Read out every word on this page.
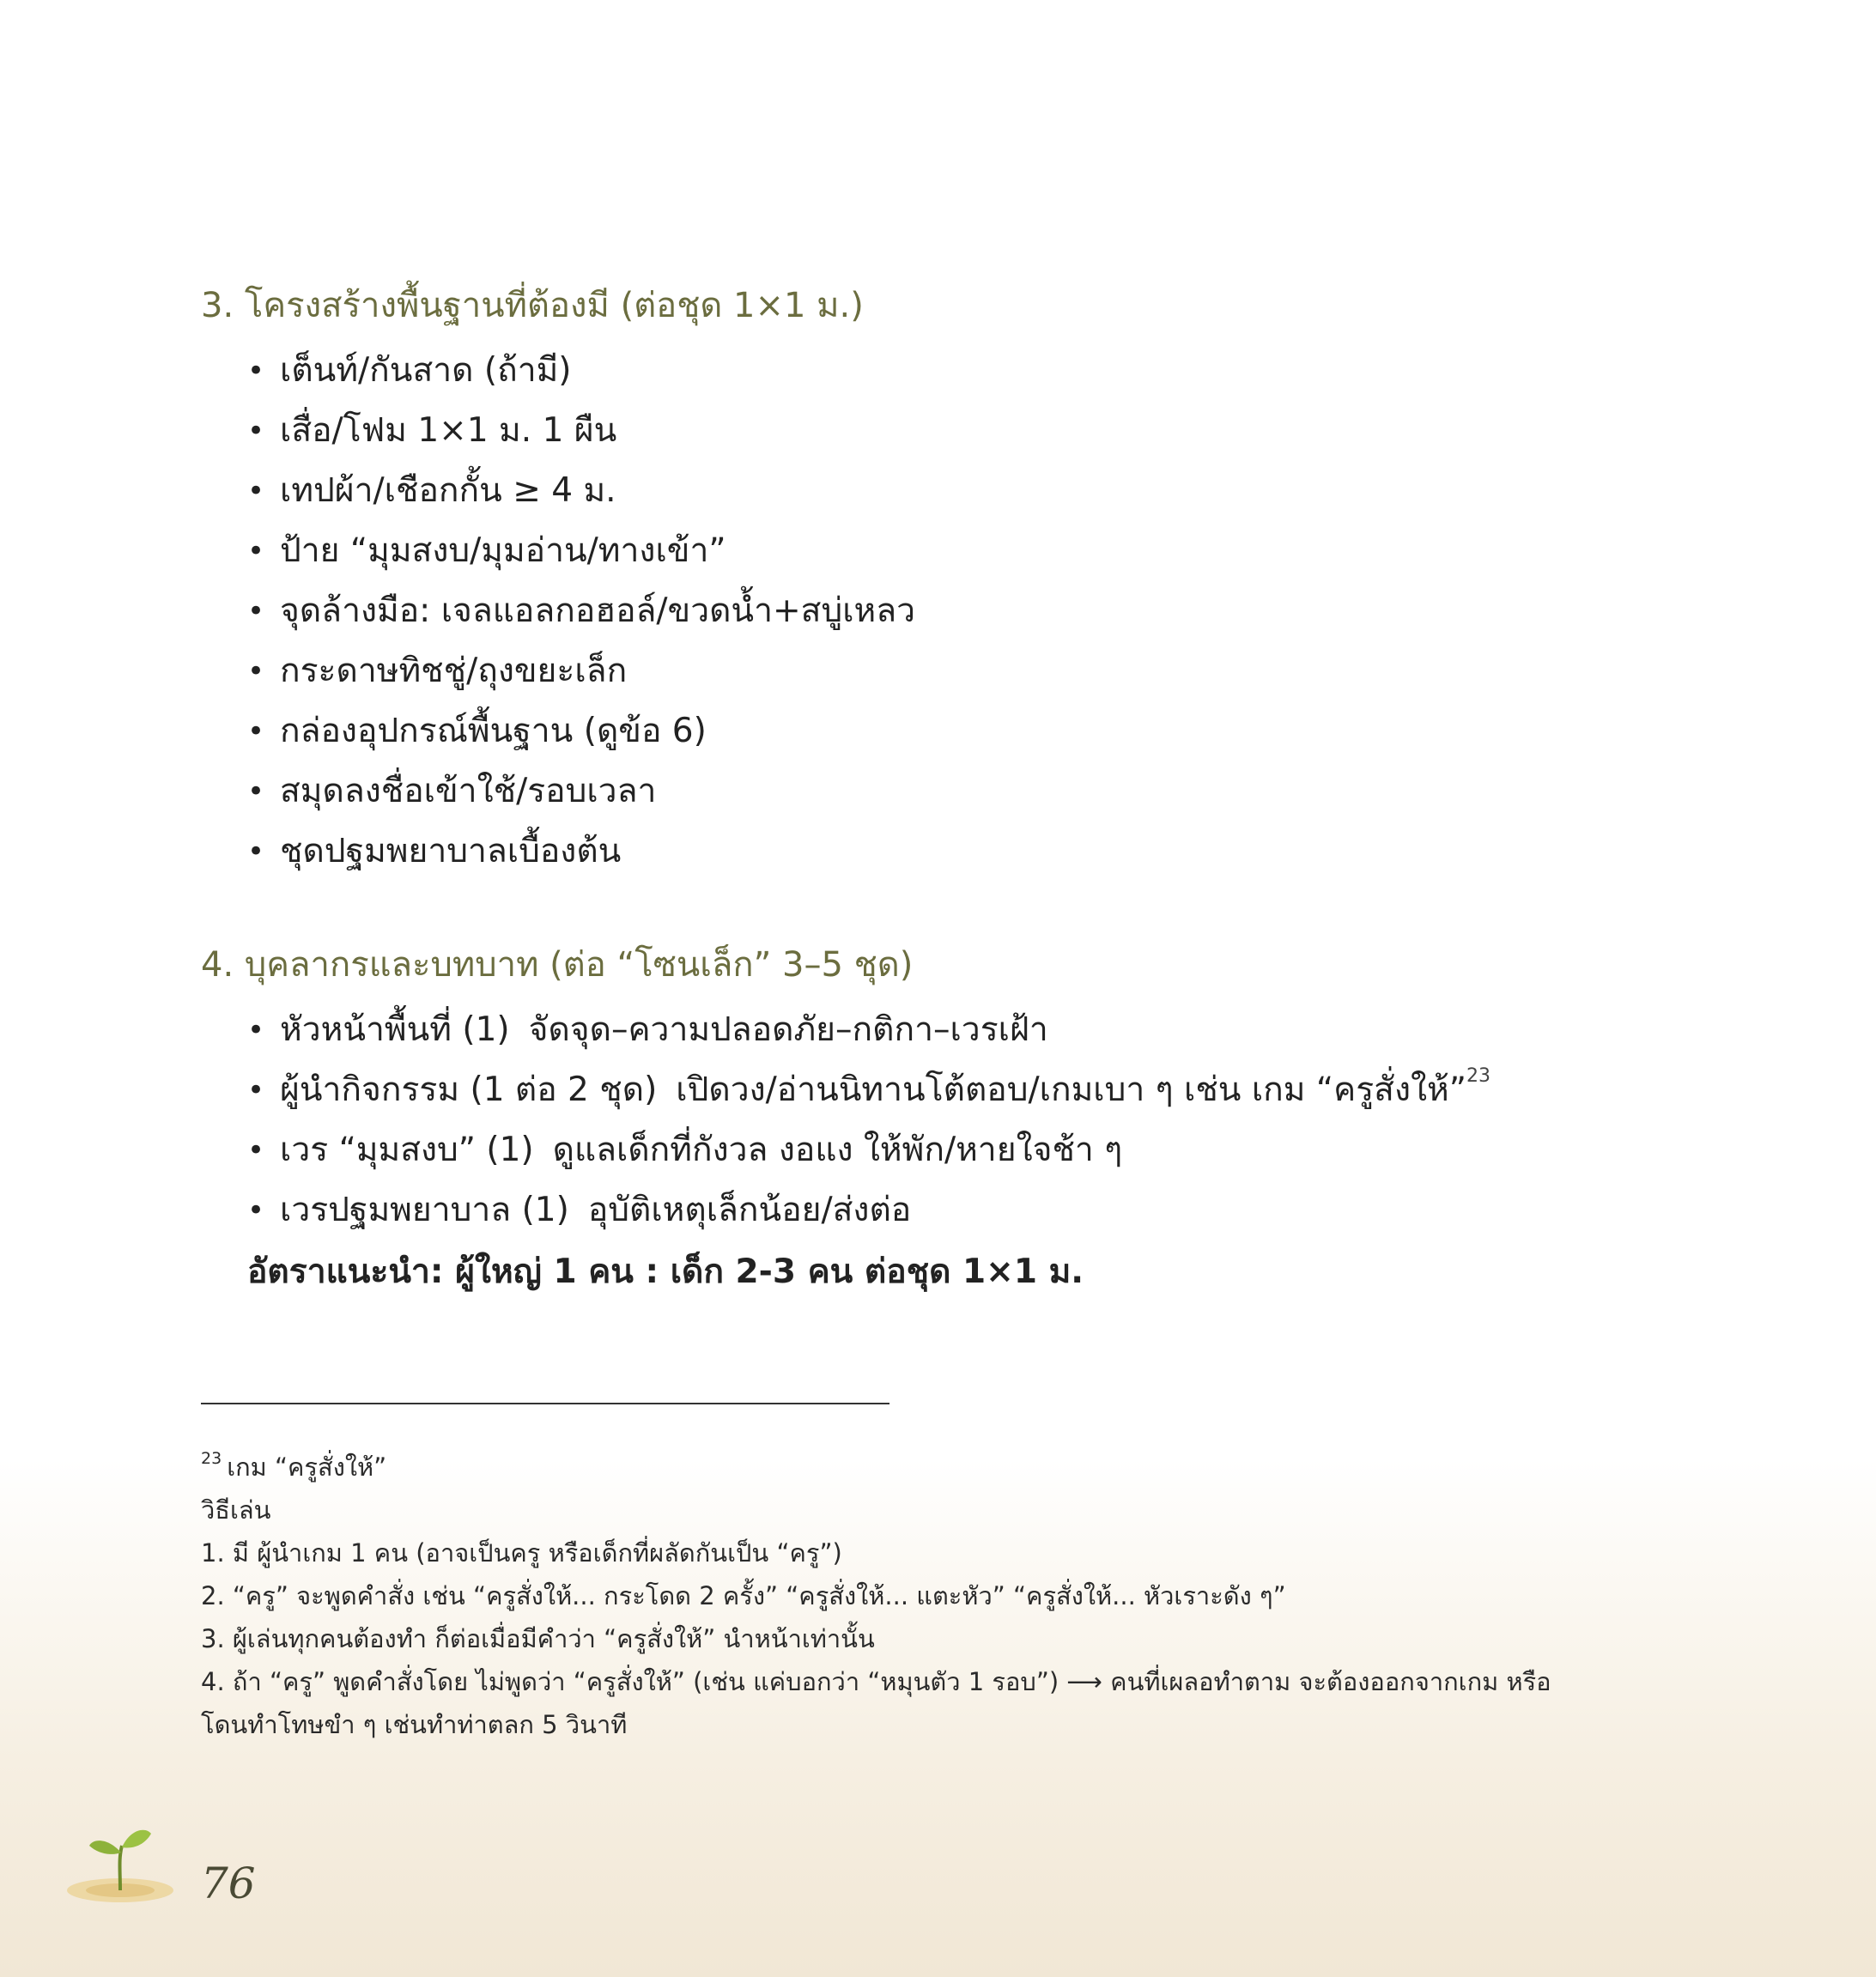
3. โครงสร้างพื้นฐานที่ต้องมี (ต่อชุด 1×1 ม.)
• เต็นท์/กันสาด (ถ้ามี)
• เสื่อ/โฟม 1×1 ม. 1 ผืน
• เทปผ้า/เชือกกั้น ≥ 4 ม.
• ป้าย “มุมสงบ/มุมอ่าน/ทางเข้า”
• จุดล้างมือ: เจลแอลกอฮอล์/ขวดน้ำ+สบู่เหลว
• กระดาษทิชชู่/ถุงขยะเล็ก
• กล่องอุปกรณ์พื้นฐาน (ดูข้อ 6)
• สมุดลงชื่อเข้าใช้/รอบเวลา
• ชุดปฐมพยาบาลเบื้องต้น
4. บุคลากรและบทบาท (ต่อ “โซนเล็ก” 3–5 ชุด)
• หัวหน้าพื้นที่ (1) จัดจุด–ความปลอดภัย–กติกา–เวรเฝ้า
• ผู้นำกิจกรรม (1 ต่อ 2 ชุด) เปิดวง/อ่านนิทานโต้ตอบ/เกมเบา ๆ เช่น เกม “ครูสั่งให้”$^{23}$
• เวร “มุมสงบ” (1) ดูแลเด็กที่กังวล งอแง ให้พัก/หายใจช้า ๆ
• เวรปฐมพยาบาล (1) อุบัติเหตุเล็กน้อย/ส่งต่อ

อัตราแนะนำ: ผู้ใหญ่ 1 คน : เด็ก 2-3 คน ต่อชุด 1×1 ม.

$^{23}$ เกม “ครูสั่งให้”

วิธีเล่น

1. มี ผู้นำเกม 1 คน (อาจเป็นครู หรือเด็กที่ผลัดกันเป็น “ครู”)

2. “ครู” จะพูดคำสั่ง เช่น “ครูสั่งให้... กระโดด 2 ครั้ง” “ครูสั่งให้... แตะหัว” “ครูสั่งให้... หัวเราะดัง ๆ”

3. ผู้เล่นทุกคนต้องทำ ก็ต่อเมื่อมีคำว่า “ครูสั่งให้” นำหน้าเท่านั้น

4. ถ้า “ครู” พูดคำสั่งโดย ไม่พูดว่า “ครูสั่งให้” (เช่น แค่บอกว่า “หมุนตัว 1 รอบ”) ⟶ คนที่เผลอทำตาม จะต้องออกจากเกม หรือ

โดนทำโทษขำ ๆ เช่นทำท่าตลก 5 วินาที

76
